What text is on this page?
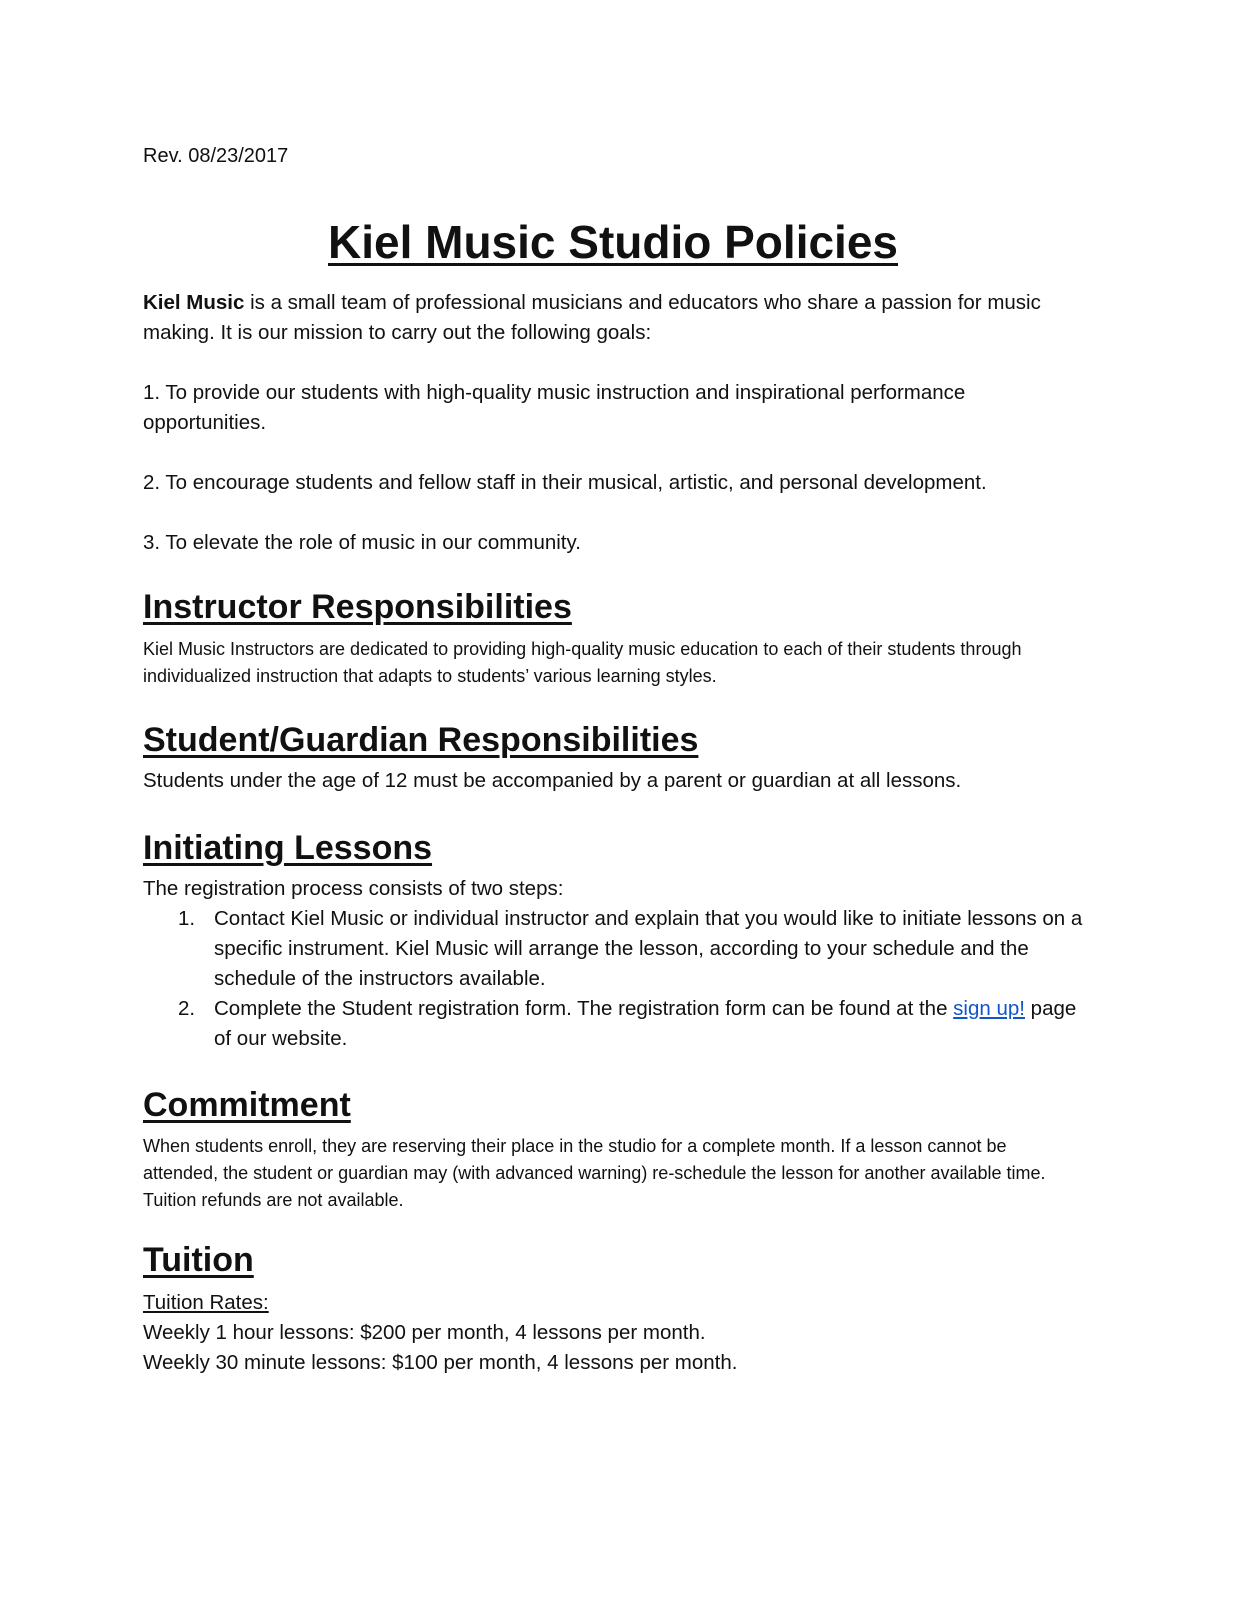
Rev. 08/23/2017
Kiel Music Studio Policies

Kiel Music is a small team of professional musicians and educators who share a passion for music making. It is our mission to carry out the following goals:

1. To provide our students with high-quality music instruction and inspirational performance opportunities.

2. To encourage students and fellow staff in their musical, artistic, and personal development.

3. To elevate the role of music in our community.

Instructor Responsibilities

Kiel Music Instructors are dedicated to providing high-quality music education to each of their students through individualized instruction that adapts to students’ various learning styles.

Student/Guardian Responsibilities

Students under the age of 12 must be accompanied by a parent or guardian at all lessons.

Initiating Lessons

The registration process consists of two steps:

1. Contact Kiel Music or individual instructor and explain that you would like to initiate lessons on a specific instrument. Kiel Music will arrange the lesson, according to your schedule and the schedule of the instructors available.
2. Complete the Student registration form. The registration form can be found at the sign up! page of our website.
Commitment

When students enroll, they are reserving their place in the studio for a complete month. If a lesson cannot be attended, the student or guardian may (with advanced warning) re-schedule the lesson for another available time. Tuition refunds are not available.

Tuition
Tuition Rates:
Weekly 1 hour lessons: $200 per month, 4 lessons per month.
Weekly 30 minute lessons: $100 per month, 4 lessons per month.
